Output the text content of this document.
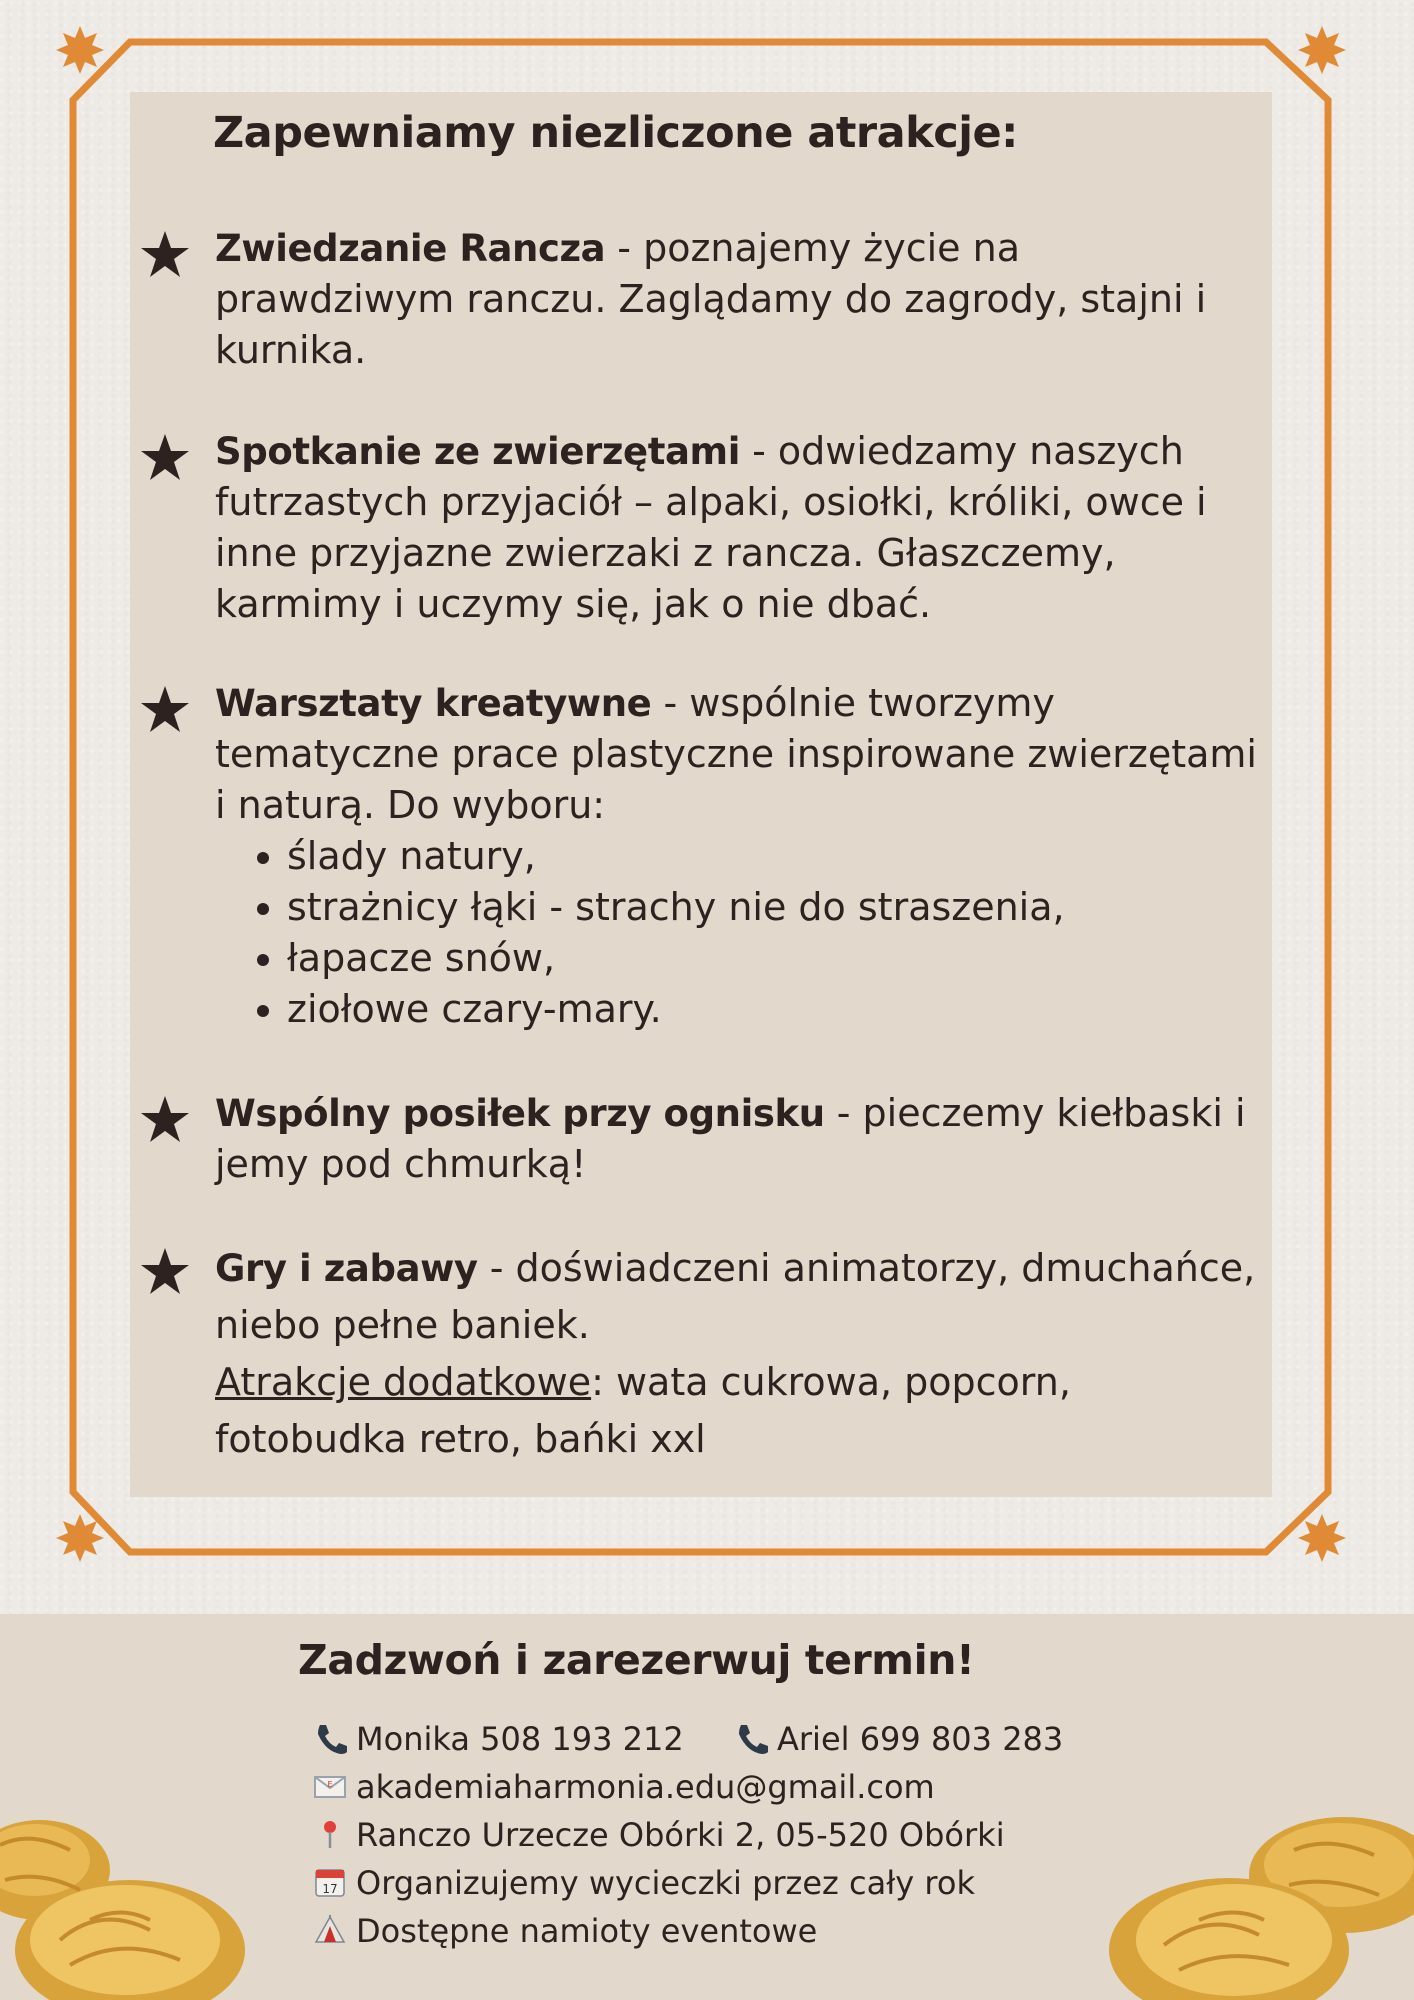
Zapewniamy niezliczone atrakcje:
Zwiedzanie Rancza - poznajemy życie na prawdziwym ranczu. Zaglądamy do zagrody, stajni i kurnika.
Spotkanie ze zwierzętami - odwiedzamy naszych futrzastych przyjaciół – alpaki, osiołki, króliki, owce i inne przyjazne zwierzaki z rancza. Głaszczemy, karmimy i uczymy się, jak o nie dbać.
Warsztaty kreatywne - wspólnie tworzymy tematyczne prace plastyczne inspirowane zwierzętami i naturą. Do wyboru:
• ślady natury,
• strażnicy łąki - strachy nie do straszenia,
• łapacze snów,
• ziołowe czary-mary.
Wspólny posiłek przy ognisku - pieczemy kiełbaski i jemy pod chmurką!
Gry i zabawy - doświadczeni animatorzy, dmuchańce, niebo pełne baniek.
Atrakcje dodatkowe: wata cukrowa, popcorn, fotobudka retro, bańki xxl
Zadzwoń i zarezerwuj termin!
Monika 508 193 212	Ariel 699 803 283
E akademiaharmonia.edu@gmail.com
Ranczo Urzecze Obórki 2, 05-520 Obórki
17 Organizujemy wycieczki przez cały rok
Dostępne namioty eventowe
